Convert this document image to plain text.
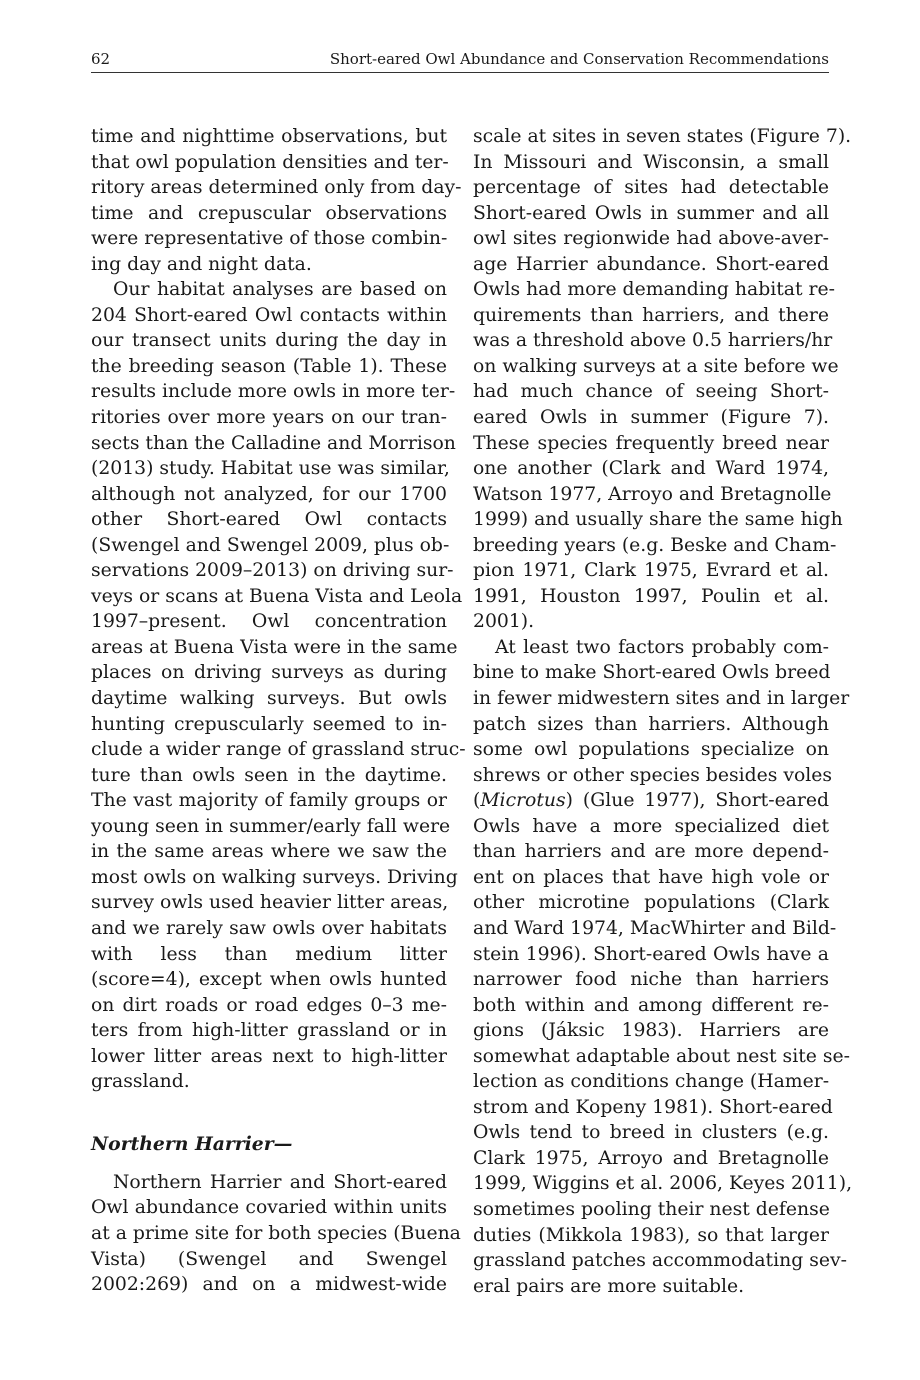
62	Short-eared Owl Abundance and Conservation Recommendations
time and nighttime observations, but
that owl population densities and ter-
ritory areas determined only from day-
time and crepuscular observations
were representative of those combin-
ing day and night data.
Our habitat analyses are based on
204 Short-eared Owl contacts within
our transect units during the day in
the breeding season (Table 1). These
results include more owls in more ter-
ritories over more years on our tran-
sects than the Calladine and Morrison
(2013) study. Habitat use was similar,
although not analyzed, for our 1700
other Short-eared Owl contacts
(Swengel and Swengel 2009, plus ob-
servations 2009–2013) on driving sur-
veys or scans at Buena Vista and Leola
1997–present. Owl concentration
areas at Buena Vista were in the same
places on driving surveys as during
daytime walking surveys. But owls
hunting crepuscularly seemed to in-
clude a wider range of grassland struc-
ture than owls seen in the daytime.
The vast majority of family groups or
young seen in summer/early fall were
in the same areas where we saw the
most owls on walking surveys. Driving
survey owls used heavier litter areas,
and we rarely saw owls over habitats
with less than medium litter
(score=4), except when owls hunted
on dirt roads or road edges 0–3 me-
ters from high-litter grassland or in
lower litter areas next to high-litter
grassland.
Northern Harrier—
Northern Harrier and Short-eared
Owl abundance covaried within units
at a prime site for both species (Buena
Vista) (Swengel and Swengel
2002:269) and on a midwest-wide
scale at sites in seven states (Figure 7).
In Missouri and Wisconsin, a small
percentage of sites had detectable
Short-eared Owls in summer and all
owl sites regionwide had above-aver-
age Harrier abundance. Short-eared
Owls had more demanding habitat re-
quirements than harriers, and there
was a threshold above 0.5 harriers/hr
on walking surveys at a site before we
had much chance of seeing Short-
eared Owls in summer (Figure 7).
These species frequently breed near
one another (Clark and Ward 1974,
Watson 1977, Arroyo and Bretagnolle
1999) and usually share the same high
breeding years (e.g. Beske and Cham-
pion 1971, Clark 1975, Evrard et al.
1991, Houston 1997, Poulin et al.
2001).
At least two factors probably com-
bine to make Short-eared Owls breed
in fewer midwestern sites and in larger
patch sizes than harriers. Although
some owl populations specialize on
shrews or other species besides voles
(Microtus) (Glue 1977), Short-eared
Owls have a more specialized diet
than harriers and are more depend-
ent on places that have high vole or
other microtine populations (Clark
and Ward 1974, MacWhirter and Bild-
stein 1996). Short-eared Owls have a
narrower food niche than harriers
both within and among different re-
gions (Jáksic 1983). Harriers are
somewhat adaptable about nest site se-
lection as conditions change (Hamer-
strom and Kopeny 1981). Short-eared
Owls tend to breed in clusters (e.g.
Clark 1975, Arroyo and Bretagnolle
1999, Wiggins et al. 2006, Keyes 2011),
sometimes pooling their nest defense
duties (Mikkola 1983), so that larger
grassland patches accommodating sev-
eral pairs are more suitable.
